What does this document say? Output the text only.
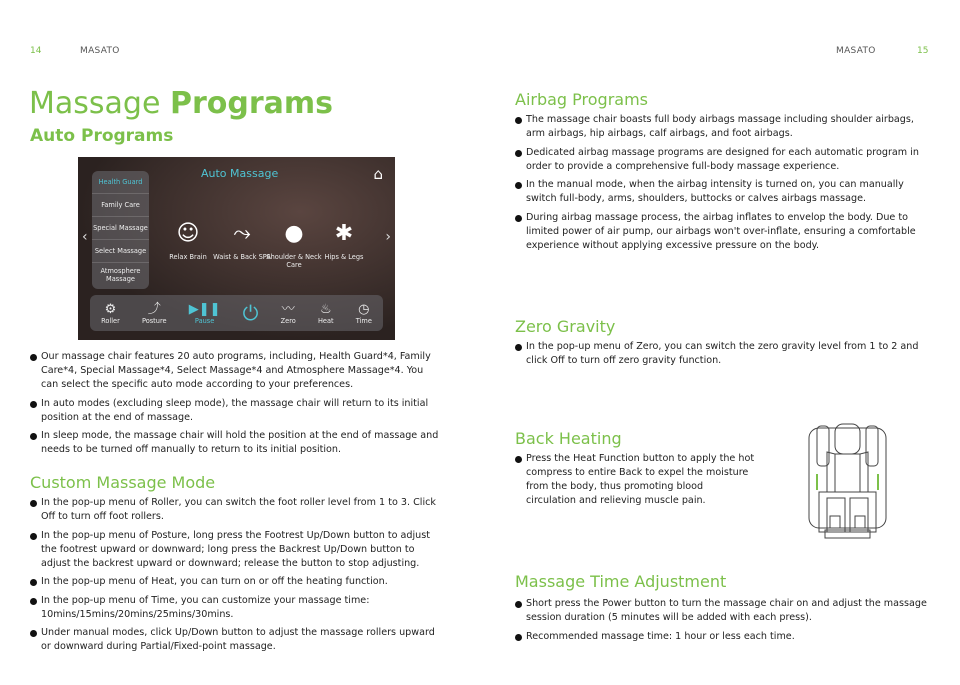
14	MASATO	MASATO	15
Massage Programs
Auto Programs
Health Guard
Family Care
Special Massage
Select Massage
Atmosphere Massage
Auto Massage	⌂
‹	›
☺
Relax Brain
⤳
Waist & Back SPA
●
Shoulder & Neck Care
✱
Hips & Legs
⚙
Roller
⤴
Posture
▶❚❚
Pause	⏻ 〰
Zero
♨
Heat
◷
Time
Our massage chair features 20 auto programs, including, Health Guard*4, Family Care*4, Special Massage*4, Select Massage*4 and Atmosphere Massage*4. You can select the specific auto mode according to your preferences.
In auto modes (excluding sleep mode), the massage chair will return to its initial position at the end of massage.
In sleep mode, the massage chair will hold the position at the end of massage and needs to be turned off manually to return to its initial position.
Custom Massage Mode
In the pop-up menu of Roller, you can switch the foot roller level from 1 to 3. Click Off to turn off foot rollers.
In the pop-up menu of Posture, long press the Footrest Up/Down button to adjust the footrest upward or downward; long press the Backrest Up/Down button to adjust the backrest upward or downward; release the button to stop adjusting.
In the pop-up menu of Heat, you can turn on or off the heating function.
In the pop-up menu of Time, you can customize your massage time: 10mins/15mins/20mins/25mins/30mins.
Under manual modes, click Up/Down button to adjust the massage rollers upward or downward during Partial/Fixed-point massage.
Airbag Programs
The massage chair boasts full body airbags massage including shoulder airbags, arm airbags, hip airbags, calf airbags, and foot airbags.
Dedicated airbag massage programs are designed for each automatic program in order to provide a comprehensive full-body massage experience.
In the manual mode, when the airbag intensity is turned on, you can manually switch full-body, arms, shoulders, buttocks or calves airbags massage.
During airbag massage process, the airbag inflates to envelop the body. Due to limited power of air pump, our airbags won't over-inflate, ensuring a comfortable experience without applying excessive pressure on the body.
Zero Gravity
In the pop-up menu of Zero, you can switch the zero gravity level from 1 to 2 and click Off to turn off zero gravity function.
Back Heating
Press the Heat Function button to apply the hot compress to entire Back to expel the moisture from the body, thus promoting blood circulation and relieving muscle pain.
Massage Time Adjustment
Short press the Power button to turn the massage chair on and adjust the massage session duration (5 minutes will be added with each press).
Recommended massage time: 1 hour or less each time.
